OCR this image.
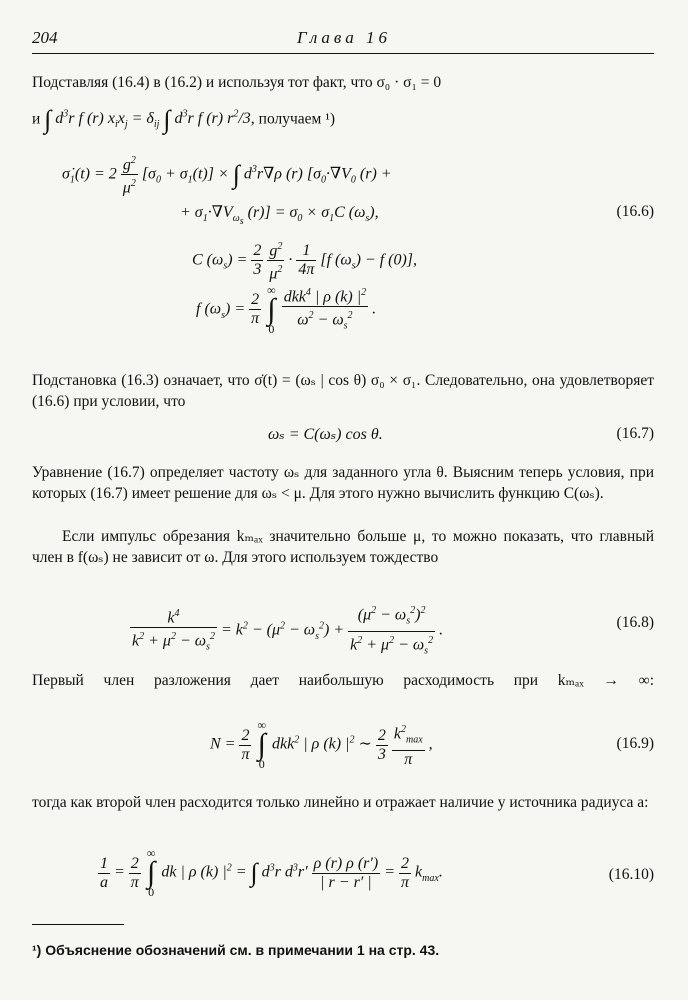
204	Глава 16
Подставляя (16.4) в (16.2) и используя тот факт, что σ₀ · σ₁ = 0
и ∫ $d^3r$ f (r) $x_ix_j = \delta_{ij}$ ∫ $d^3r$ f (r) $r^2/3$, получаем ¹)
$\sigmȧ_1(t) = 2 \frac{g^2}{\mu^2} [\sigma_0 + \sigma_1(t)]$ × ∫ $d^3r\nabla\rho$ (r) [$\sigma_0\cdot\nabla V_0$ (r) +
+ $\sigma_1\cdot\nabla V_{\omega_s}$ $(r)] = \sigma_0 \times \sigma_1C$ $(\omega_s)$,	(16.6)
C $(\omega_s) = \frac{2}{3}$
$\frac{g^2}{\mu^2} \cdot \frac{1}{4\pi} [f$ $(\omega_s) - f$ (0)],
f $(\omega_s) = \frac{2}{\pi}$

∞
∫
0
$\frac{dkk^4 | \rho (k) |^2}{\omega^2 - \omega_s^2}$ .
Подстановка (16.3) означает, что σ̇(t) = (ωₛ | cos θ) σ₀ × σ₁. Следовательно, она удовлетворяет (16.6) при условии, что
ωₛ = C(ωₛ) cos θ.	(16.7)
Уравнение (16.7) определяет частоту ωₛ для заданного угла θ. Выясним теперь условия, при которых (16.7) имеет решение для ωₛ < μ. Для этого нужно вычислить функцию C(ωₛ).
Если импульс обрезания kₘₐₓ значительно больше μ, то можно показать, что главный член в f(ωₛ) не зависит от ω. Для этого используем тождество
$\frac{k^4}{k^2 + \mu^2 - \omega_s^2} = k^2 - (\mu^2 - \omega_s^2) + \frac{(\mu^2 - \omega_s^2)^2}{k^2 + \mu^2 - \omega_s^2}$ .	(16.8)
Первый член разложения дает наибольшую расходимость при kₘₐₓ → ∞:
$N = \frac{2}{\pi}$

∞
∫
0
dkk$^2$ | ρ (k) $|^2$ ∼ $\frac{2}{3}$
$\frac{k^2_{max}}{\pi}$ ,	(16.9)
тогда как второй член расходится только линейно и отражает наличие у источника радиуса a:
$\frac{1}{a} = \frac{2}{\pi}$

∞
∫
0
dk | ρ (k) $|^2$ = ∫ $d^3r$ $d^3r' \frac{\rho (r) \rho (r')}{| r - r' |} = \frac{2}{\pi} k_{max}$.	(16.10)
¹) Объяснение обозначений см. в примечании 1 на стр. 43.
